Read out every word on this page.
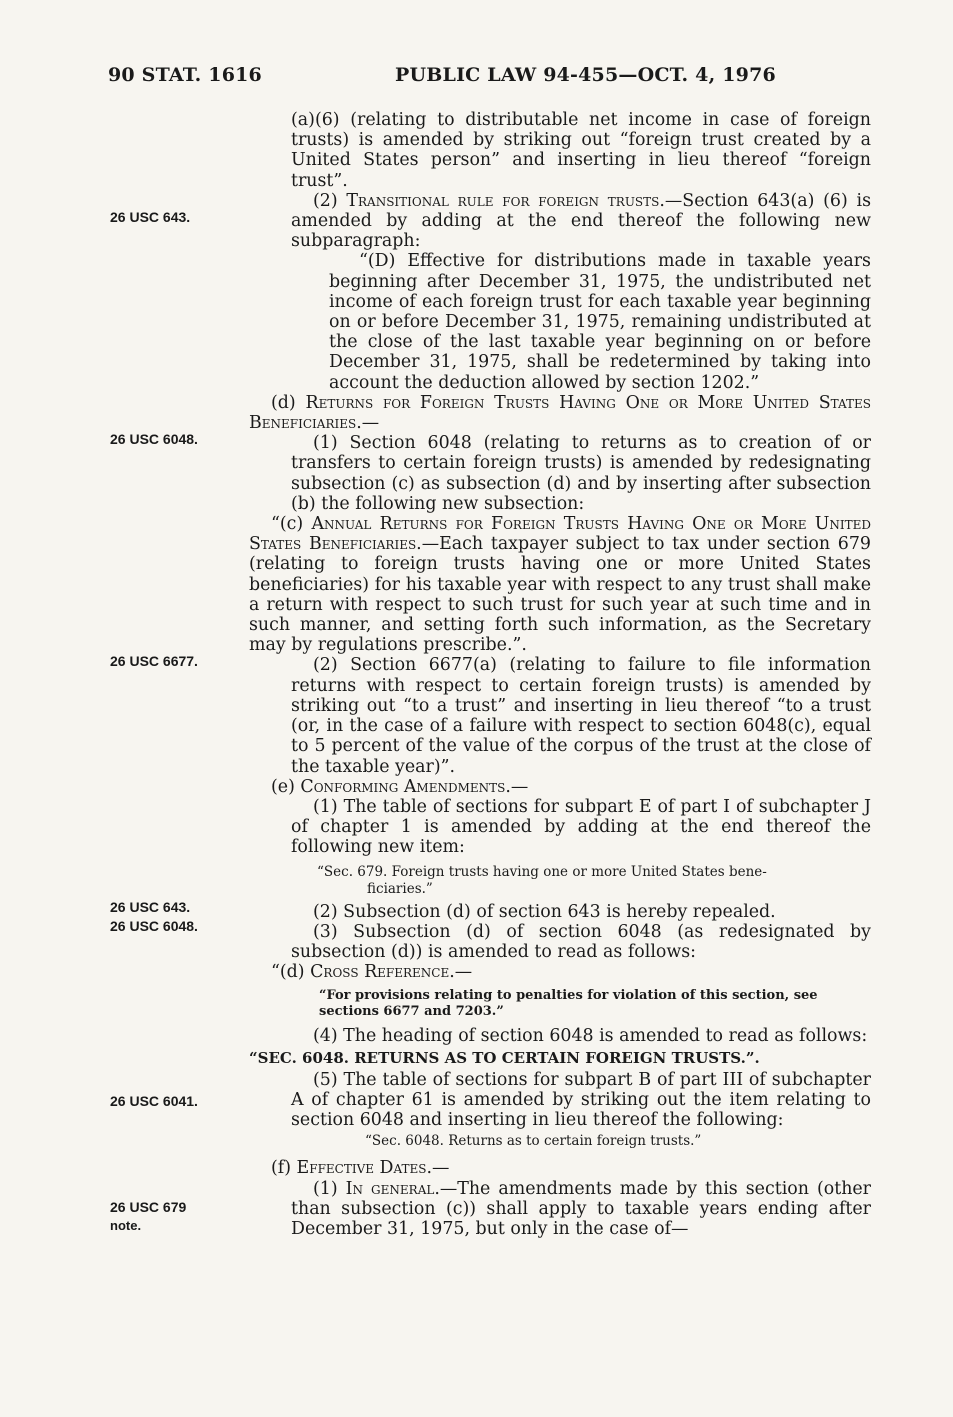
90 STAT. 1616	PUBLIC LAW 94-455—OCT. 4, 1976
26 USC 643.
26 USC 6048.
26 USC 6677.
26 USC 643.
26 USC 6048.
26 USC 6041.
26 USC 679
note.

(a)(6) (relating to distributable net income in case of foreign trusts) is amended by striking out “foreign trust created by a United States person” and inserting in lieu thereof “foreign trust”.

(2) Transitional rule for foreign trusts.—Section 643(a) (6) is amended by adding at the end thereof the following new subparagraph:

“(D) Effective for distributions made in taxable years beginning after December 31, 1975, the undistributed net income of each foreign trust for each taxable year beginning on or before December 31, 1975, remaining undistributed at the close of the last taxable year beginning on or before December 31, 1975, shall be redetermined by taking into account the deduction allowed by section 1202.”

(d) Returns for Foreign Trusts Having One or More United States Beneficiaries.—

(1) Section 6048 (relating to returns as to creation of or transfers to certain foreign trusts) is amended by redesignating subsection (c) as subsection (d) and by inserting after subsection (b) the following new subsection:

“(c) Annual Returns for Foreign Trusts Having One or More United States Beneficiaries.—Each taxpayer subject to tax under section 679 (relating to foreign trusts having one or more United States beneficiaries) for his taxable year with respect to any trust shall make a return with respect to such trust for such year at such time and in such manner, and setting forth such information, as the Secretary may by regulations prescribe.”.

(2) Section 6677(a) (relating to failure to file information returns with respect to certain foreign trusts) is amended by striking out “to a trust” and inserting in lieu thereof “to a trust (or, in the case of a failure with respect to section 6048(c), equal to 5 percent of the value of the corpus of the trust at the close of the taxable year)”.

(e) Conforming Amendments.—

(1) The table of sections for subpart E of part I of subchapter J of chapter 1 is amended by adding at the end thereof the following new item:

“Sec. 679. Foreign trusts having one or more United States bene-
ficiaries.”

(2) Subsection (d) of section 643 is hereby repealed.

(3) Subsection (d) of section 6048 (as redesignated by subsection (d)) is amended to read as follows:

“(d) Cross Reference.—

“For provisions relating to penalties for violation of this section, see
sections 6677 and 7203.”

(4) The heading of section 6048 is amended to read as follows:

“SEC. 6048. RETURNS AS TO CERTAIN FOREIGN TRUSTS.”.

(5) The table of sections for subpart B of part III of subchapter A of chapter 61 is amended by striking out the item relating to section 6048 and inserting in lieu thereof the following:

“Sec. 6048. Returns as to certain foreign trusts.”

(f) Effective Dates.—

(1) In general.—The amendments made by this section (other than subsection (c)) shall apply to taxable years ending after December 31, 1975, but only in the case of—
